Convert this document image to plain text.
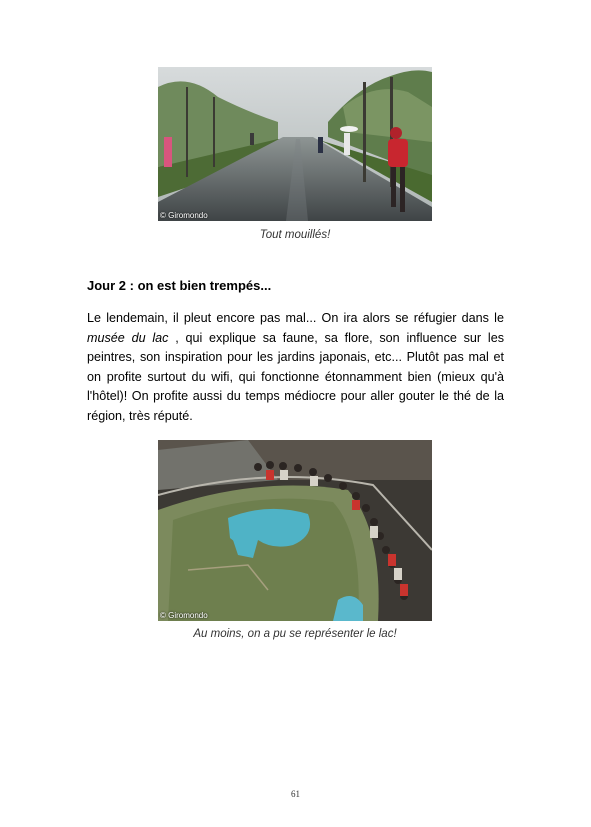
© Giromondo
Tout mouillés!
Jour 2 : on est bien trempés...

Le lendemain, il pleut encore pas mal... On ira alors se réfugier dans le musée du lac , qui explique sa faune, sa flore, son influence sur les peintres, son inspiration pour les jardins japonais, etc... Plutôt pas mal et on profite surtout du wifi, qui fonctionne étonnamment bien (mieux qu'à l'hôtel)! On profite aussi du temps médiocre pour aller gouter le thé de la région, très réputé.

© Giromondo
Au moins, on a pu se représenter le lac!
61
